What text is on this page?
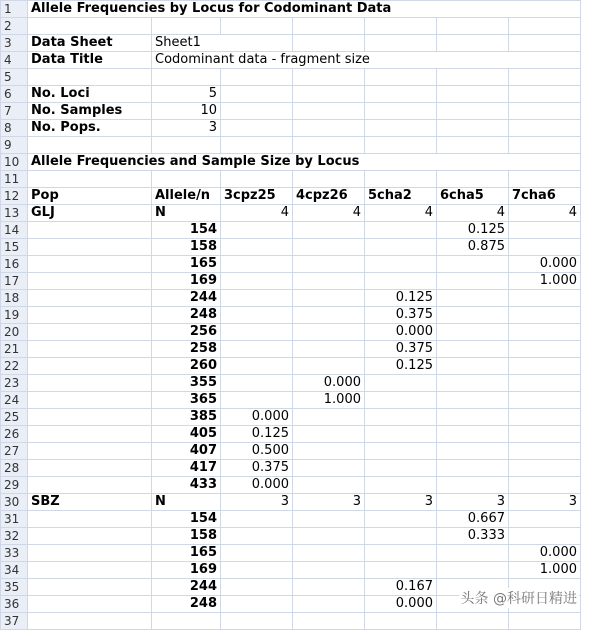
1	Allele Frequencies by Locus for Codominant Data						
2							
3	Data Sheet	Sheet1					
4	Data Title	Codominant data - fragment size					
5							
6	No. Loci	5					
7	No. Samples	10					
8	No. Pops.	3					
9							
10	Allele Frequencies and Sample Size by Locus						
11							
12	Pop	Allele/n	3cpz25	4cpz26	5cha2	6cha5	7cha6
13	GLJ	N	4	4	4	4	4
14		154				0.125	
15		158				0.875	
16		165					0.000
17		169					1.000
18		244			0.125		
19		248			0.375		
20		256			0.000		
21		258			0.375		
22		260			0.125		
23		355		0.000			
24		365		1.000			
25		385	0.000				
26		405	0.125				
27		407	0.500				
28		417	0.375				
29		433	0.000				
30	SBZ	N	3	3	3	3	3
31		154				0.667	
32		158				0.333	
33		165					0.000
34		169					1.000
35		244			0.167		
36		248			0.000		
37							
头条 @科研日精进
